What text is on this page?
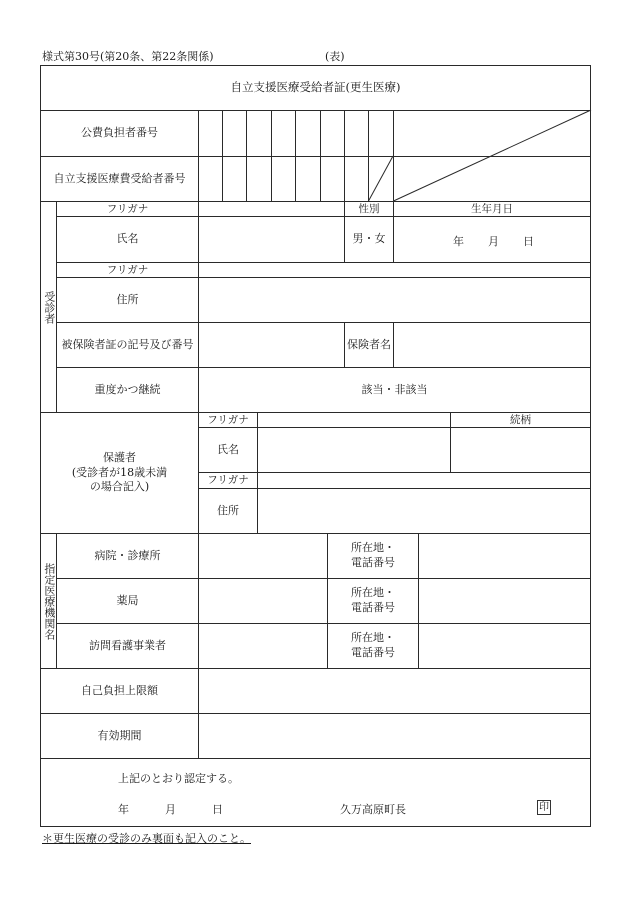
様式第30号(第20条、第22条関係)	(表)
自立支援医療受給者証(更生医療)
公費負担者番号
自立支援医療費受給者番号
受診者
フリガナ	性別	生年月日
氏名	男・女	年 月 日
フリガナ
住所
被保険者証の記号及び番号	保険者名
重度かつ継続	該当・非該当
保護者
(受診者が18歳未満
の場合記入)
フリガナ	続柄
氏名
フリガナ
住所
指定医療機関名
病院・診療所
所在地・
電話番号
薬局
所在地・
電話番号
訪問看護事業者
所在地・
電話番号
自己負担上限額
有効期間
上記のとおり認定する。
年	月	日	久万高原町長	印
＊更生医療の受診のみ裏面も記入のこと。
